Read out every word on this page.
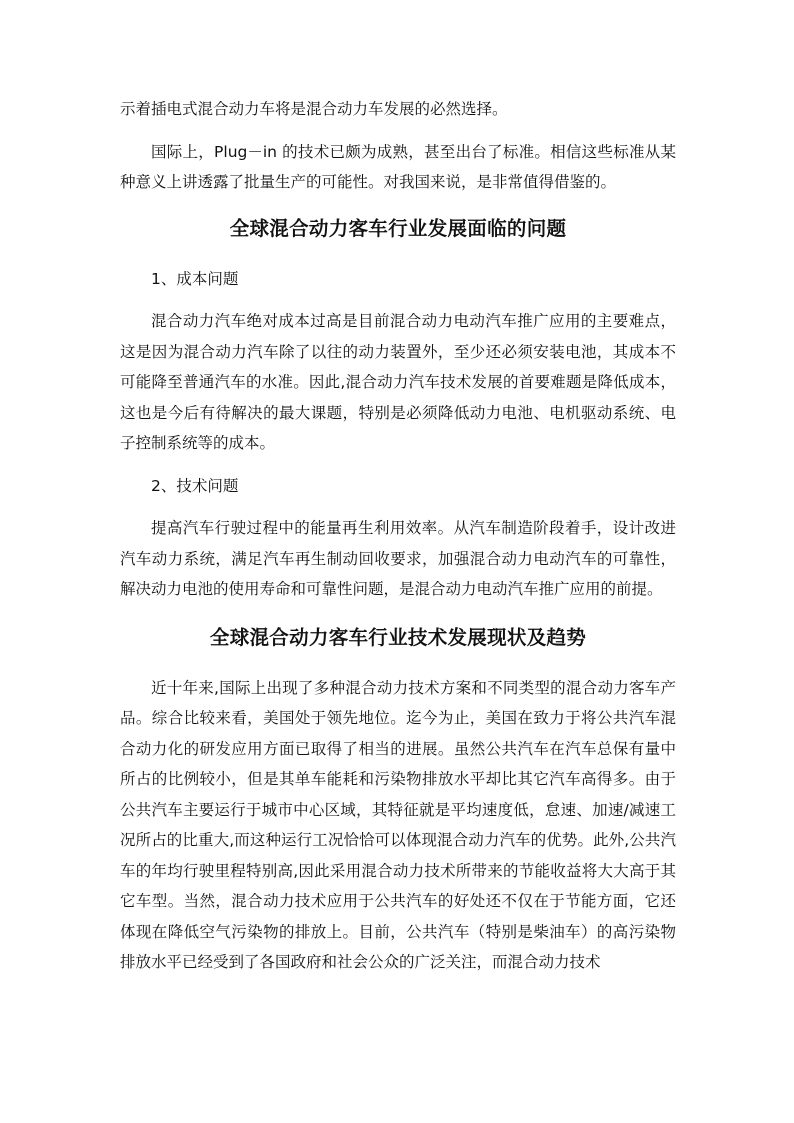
示着插电式混合动力车将是混合动力车发展的必然选择。

国际上，Plug－in 的技术已颇为成熟，甚至出台了标准。相信这些标准从某种意义上讲透露了批量生产的可能性。对我国来说，是非常值得借鉴的。

全球混合动力客车行业发展面临的问题

1、成本问题

混合动力汽车绝对成本过高是目前混合动力电动汽车推广应用的主要难点，这是因为混合动力汽车除了以往的动力装置外，至少还必须安装电池，其成本不可能降至普通汽车的水准。因此,混合动力汽车技术发展的首要难题是降低成本，这也是今后有待解决的最大课题，特别是必须降低动力电池、电机驱动系统、电子控制系统等的成本。

2、技术问题

提高汽车行驶过程中的能量再生利用效率。从汽车制造阶段着手，设计改进汽车动力系统，满足汽车再生制动回收要求，加强混合动力电动汽车的可靠性，解决动力电池的使用寿命和可靠性问题，是混合动力电动汽车推广应用的前提。

全球混合动力客车行业技术发展现状及趋势

近十年来,国际上出现了多种混合动力技术方案和不同类型的混合动力客车产品。综合比较来看，美国处于领先地位。迄今为止，美国在致力于将公共汽车混合动力化的研发应用方面已取得了相当的进展。虽然公共汽车在汽车总保有量中所占的比例较小，但是其单车能耗和污染物排放水平却比其它汽车高得多。由于公共汽车主要运行于城市中心区域，其特征就是平均速度低，怠速、加速/减速工况所占的比重大,而这种运行工况恰恰可以体现混合动力汽车的优势。此外,公共汽车的年均行驶里程特别高,因此采用混合动力技术所带来的节能收益将大大高于其它车型。当然，混合动力技术应用于公共汽车的好处还不仅在于节能方面，它还体现在降低空气污染物的排放上。目前，公共汽车（特别是柴油车）的高污染物排放水平已经受到了各国政府和社会公众的广泛关注，而混合动力技术
